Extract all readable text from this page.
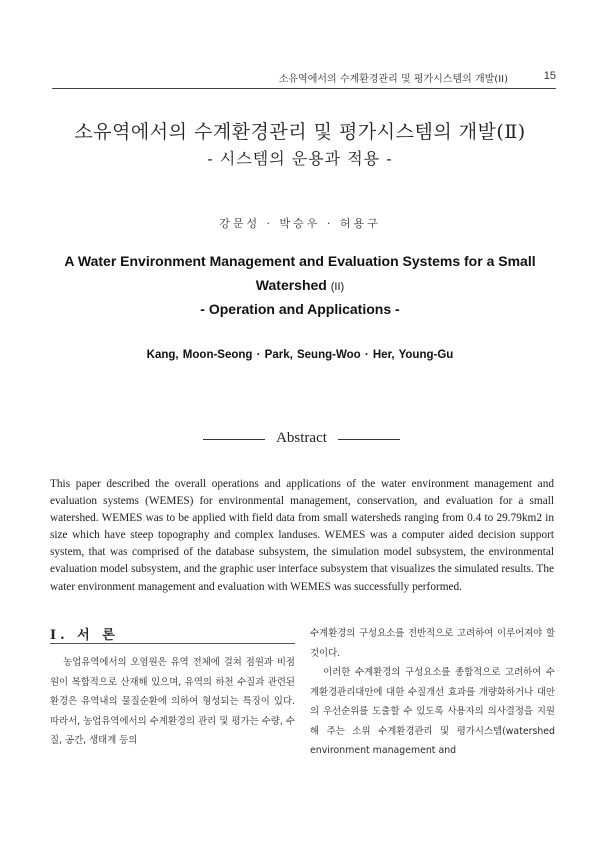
소유역에서의 수계환경관리 및 평가시스템의 개발(II)	15
소유역에서의 수계환경관리 및 평가시스템의 개발(Ⅱ)
- 시스템의 운용과 적용 -
강문성 · 박승우 · 허용구
A Water Environment Management and Evaluation Systems for a Small
Watershed (II)
- Operation and Applications -
Kang, Moon-Seong · Park, Seung-Woo · Her, Young-Gu
Abstract
This paper described the overall operations and applications of the water environment management and evaluation systems (WEMES) for environmental management, conservation, and evaluation for a small watershed. WEMES was to be applied with field data from small watersheds ranging from 0.4 to 29.79km2 in size which have steep topography and complex landuses. WEMES was a computer aided decision support system, that was comprised of the database subsystem, the simulation model subsystem, the environmental evaluation model subsystem, and the graphic user interface subsystem that visualizes the simulated results. The water environment management and evaluation with WEMES was successfully performed.
Ⅰ. 서 론

농업유역에서의 오염원은 유역 전체에 걸쳐 점원과 비점원이 복합적으로 산재해 있으며, 유역의 하천 수질과 관련된 환경은 유역내의 물질순환에 의하여 형성되는 특징이 있다. 따라서, 농업유역에서의 수계환경의 관리 및 평가는 수량, 수질, 공간, 생태계 등의

수계환경의 구성요소를 전반적으로 고려하여 이루어져야 할 것이다.

이러한 수계환경의 구성요소를 종합적으로 고려하여 수계환경관리대안에 대한 수질개선 효과를 개량화하거나 대안의 우선순위를 도출할 수 있도록 사용자의 의사결정을 지원해 주는 소위 수계환경관리 및 평가시스템(watershed environment management and
